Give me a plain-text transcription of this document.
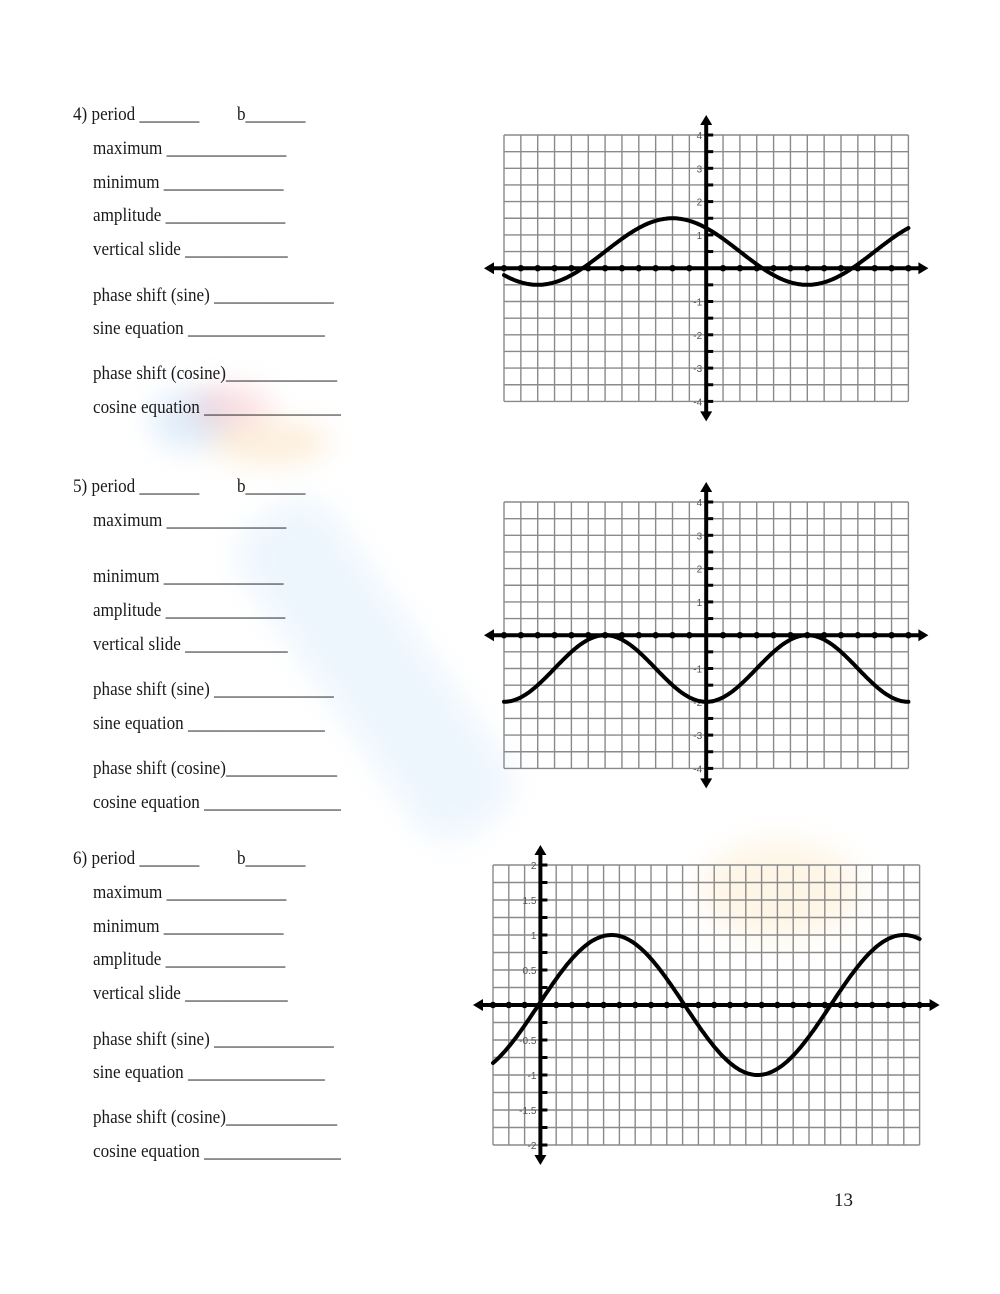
4) period _______ b_______
maximum ______________
minimum ______________
amplitude ______________
vertical slide ____________
phase shift (sine) ______________
sine equation ________________
phase shift (cosine)_____________
cosine equation ________________
5) period _______ b_______
maximum ______________
minimum ______________
amplitude ______________
vertical slide ____________
phase shift (sine) ______________
sine equation ________________
phase shift (cosine)_____________
cosine equation ________________
6) period _______ b_______
maximum ______________
minimum ______________
amplitude ______________
vertical slide ____________
phase shift (sine) ______________
sine equation ________________
phase shift (cosine)_____________
cosine equation ________________
-4
-3
-2
-1
1
2
3
4
-4
-3
-2
-1
1
2
3
4
-2
-1.5
-1
-0.5
0.5
1
1.5
2
13
